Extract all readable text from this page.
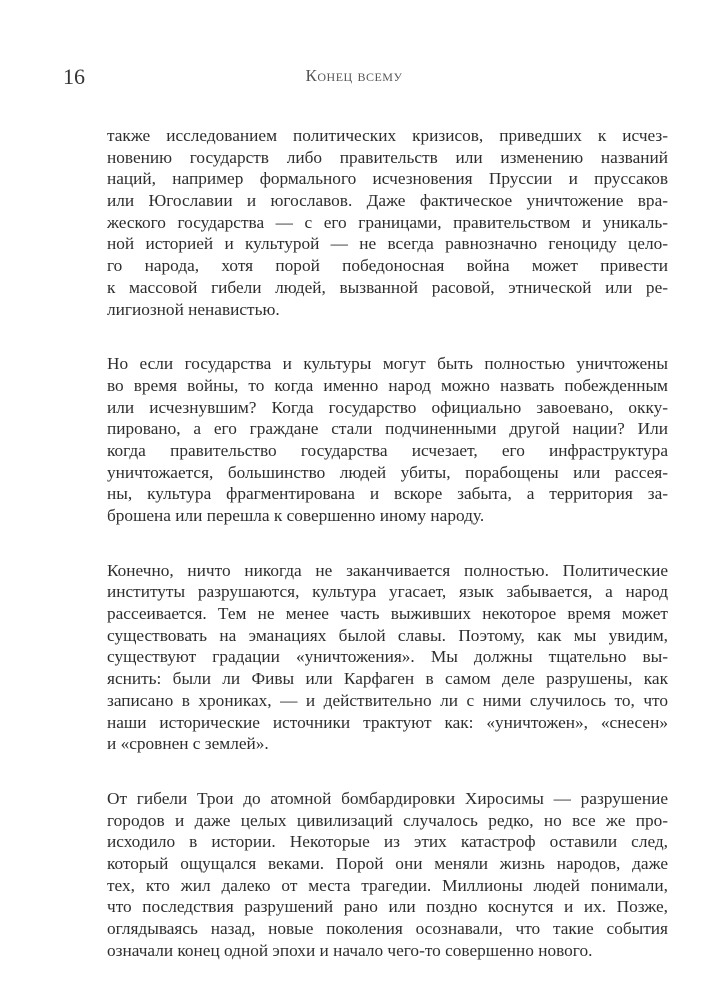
16	Конец всему
также исследованием политических кризисов, приведших к исчез-
новению государств либо правительств или изменению названий
наций, например формального исчезновения Пруссии и пруссаков
или Югославии и югославов. Даже фактическое уничтожение вра-
жеского государства — с его границами, правительством и уникаль-
ной историей и культурой — не всегда равнозначно геноциду цело-
го народа, хотя порой победоносная война может привести
к массовой гибели людей, вызванной расовой, этнической или ре-
лигиозной ненавистью.
Но если государства и культуры могут быть полностью уничтожены
во время войны, то когда именно народ можно назвать побежденным
или исчезнувшим? Когда государство официально завоевано, окку-
пировано, а его граждане стали подчиненными другой нации? Или
когда правительство государства исчезает, его инфраструктура
уничтожается, большинство людей убиты, порабощены или рассея-
ны, культура фрагментирована и вскоре забыта, а территория за-
брошена или перешла к совершенно иному народу.
Конечно, ничто никогда не заканчивается полностью. Политические
институты разрушаются, культура угасает, язык забывается, а народ
рассеивается. Тем не менее часть выживших некоторое время может
существовать на эманациях былой славы. Поэтому, как мы увидим,
существуют градации «уничтожения». Мы должны тщательно вы-
яснить: были ли Фивы или Карфаген в самом деле разрушены, как
записано в хрониках, — и действительно ли с ними случилось то, что
наши исторические источники трактуют как: «уничтожен», «снесен»
и «сровнен с землей».
От гибели Трои до атомной бомбардировки Хиросимы — разрушение
городов и даже целых цивилизаций случалось редко, но все же про-
исходило в истории. Некоторые из этих катастроф оставили след,
который ощущался веками. Порой они меняли жизнь народов, даже
тех, кто жил далеко от места трагедии. Миллионы людей понимали,
что последствия разрушений рано или поздно коснутся и их. Позже,
оглядываясь назад, новые поколения осознавали, что такие события
означали конец одной эпохи и начало чего-то совершенно нового.
